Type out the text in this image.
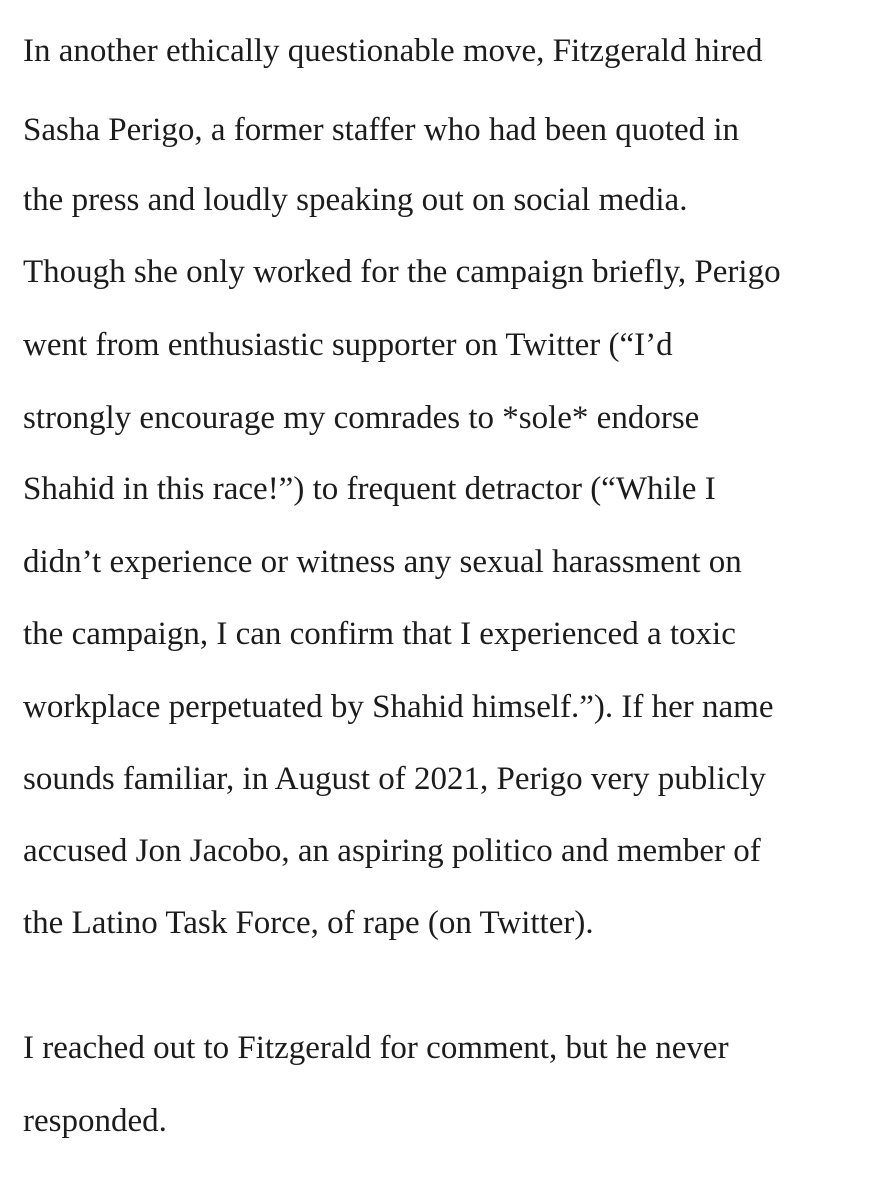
In another ethically questionable move, Fitzgerald hired

Sasha Perigo, a former staffer who had been quoted in

the press and loudly speaking out on social media.

Though she only worked for the campaign briefly, Perigo

went from enthusiastic supporter on Twitter (“I’d

strongly encourage my comrades to *sole* endorse

Shahid in this race!”) to frequent detractor (“While I

didn’t experience or witness any sexual harassment on

the campaign, I can confirm that I experienced a toxic

workplace perpetuated by Shahid himself.”). If her name

sounds familiar, in August of 2021, Perigo very publicly

accused Jon Jacobo, an aspiring politico and member of

the Latino Task Force, of rape (on Twitter).

I reached out to Fitzgerald for comment, but he never

responded.
